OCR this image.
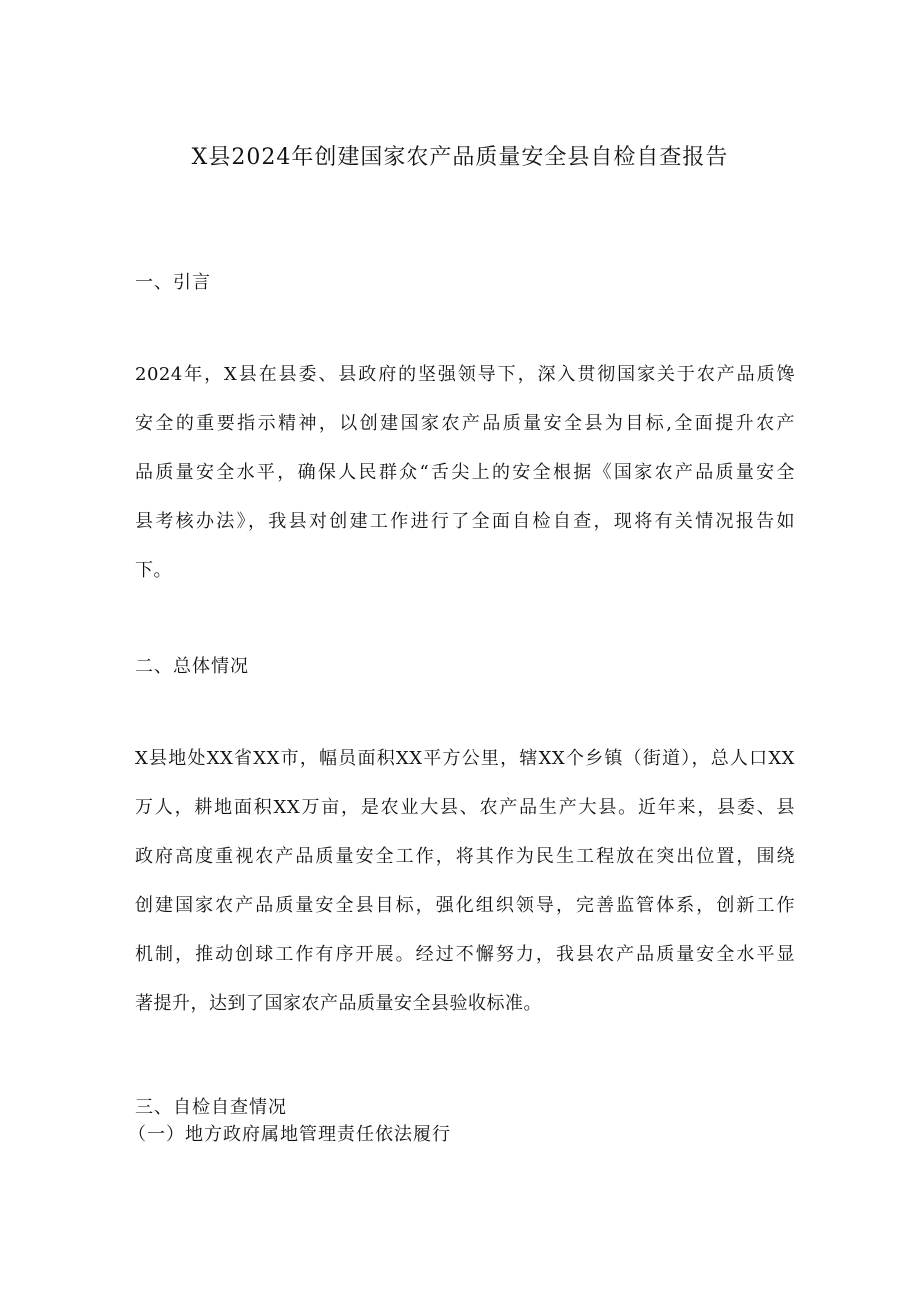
X县2024年创建国家农产品质量安全县自检自查报告
一、引言
2024年，X县在县委、县政府的坚强领导下，深入贯彻国家关于农产品质馋
安全的重要指示精神，以创建国家农产品质量安全县为目标,全面提升农产
品质量安全水平，确保人民群众“舌尖上的安全根据《国家农产品质量安全
县考核办法》，我县对创建工作进行了全面自检自查，现将有关情况报告如
下。
二、总体情况
X县地处XX省XX市，幅员面积XX平方公里，辖XX个乡镇（街道），总人口XX
万人，耕地面积XX万亩，是农业大县、农产品生产大县。近年来，县委、县
政府高度重视农产品质量安全工作，将其作为民生工程放在突出位置，围绕
创建国家农产品质量安全县目标，强化组织领导，完善监管体系，创新工作
机制，推动创球工作有序开展。经过不懈努力，我县农产品质量安全水平显
著提升，达到了国家农产品质量安全县验收标准。
三、自检自查情况
（一）地方政府属地管理责任依法履行
